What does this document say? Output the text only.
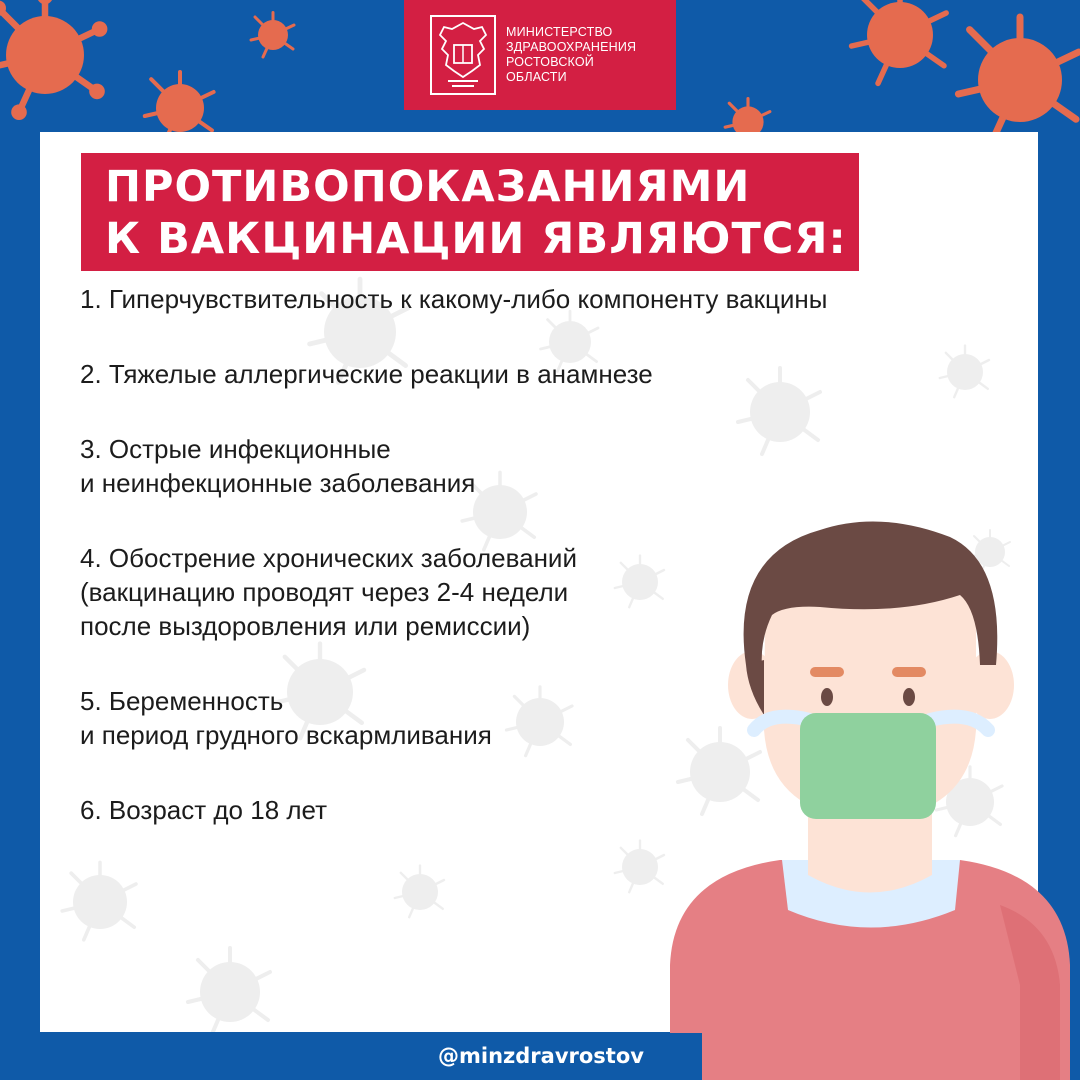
МИНИСТЕРСТВО
ЗДРАВООХРАНЕНИЯ
РОСТОВСКОЙ
ОБЛАСТИ
ПРОТИВОПОКАЗАНИЯМИ
К ВАКЦИНАЦИИ ЯВЛЯЮТСЯ:
1. Гиперчувствительность к какому-либо компоненту вакцины
2. Тяжелые аллергические реакции в анамнезе
3. Острые инфекционные
и неинфекционные заболевания
4. Обострение хронических заболеваний
(вакцинацию проводят через 2-4 недели
после выздоровления или ремиссии)
5. Беременность
и период грудного вскармливания
6. Возраст до 18 лет
@minzdravrostov
